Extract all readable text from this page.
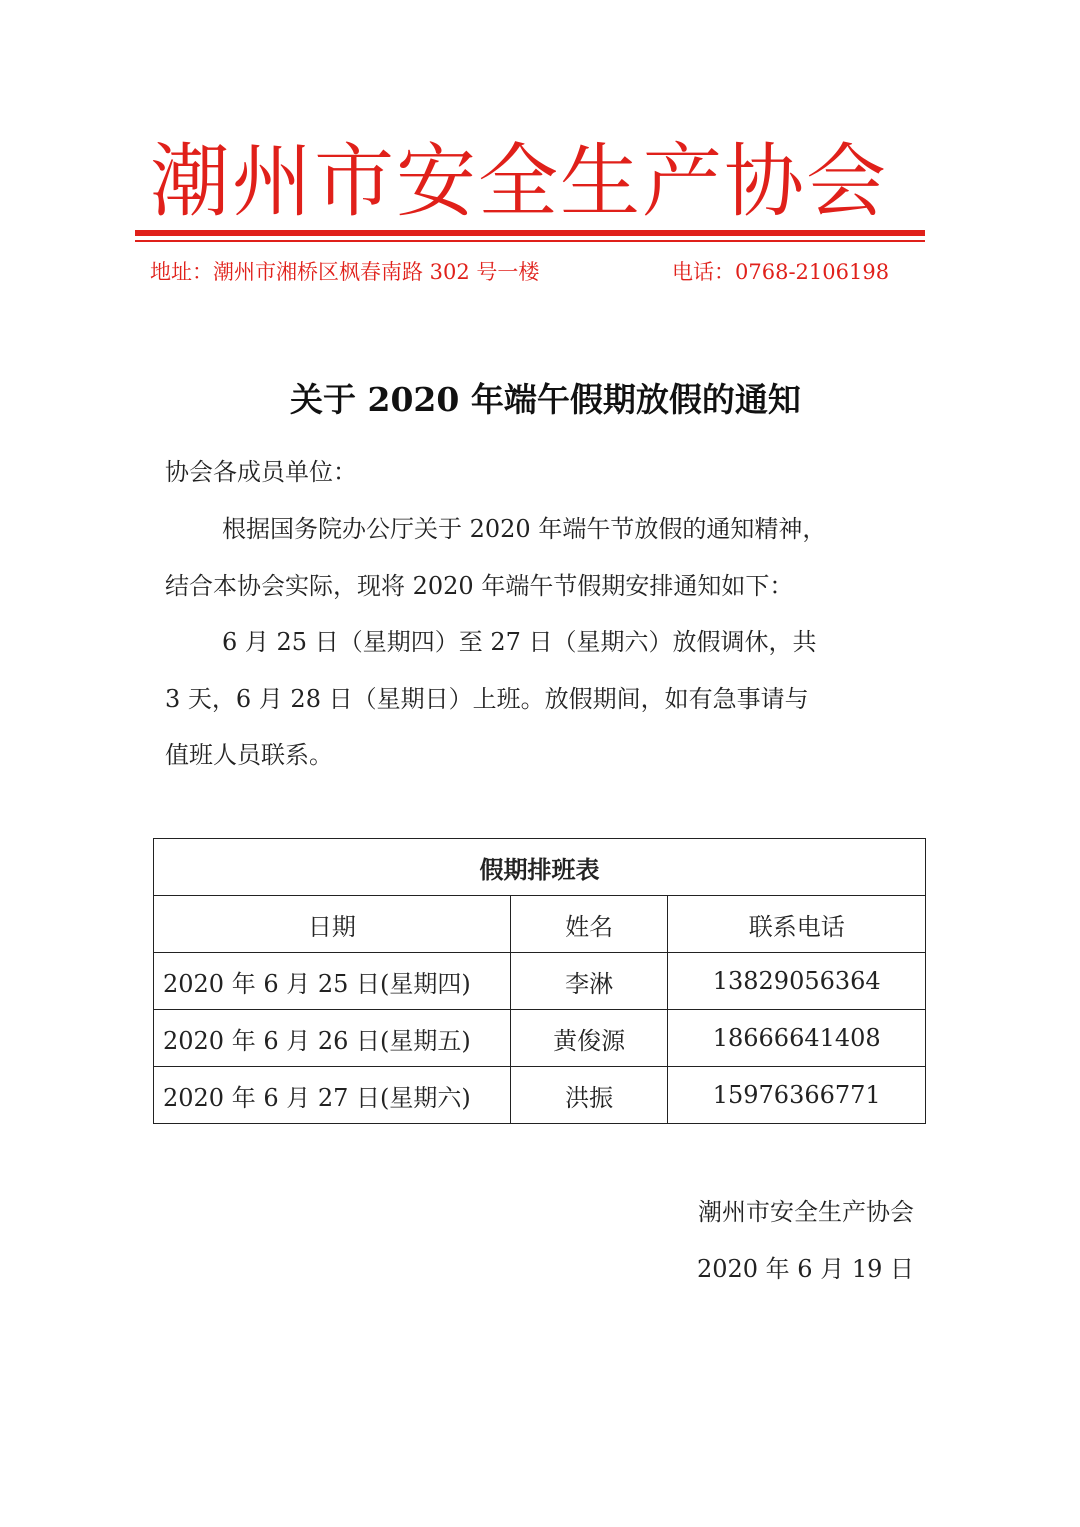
潮州市安全生产协会
地址：潮州市湘桥区枫春南路 302 号一楼	电话：0768-2106198
关于 2020 年端午假期放假的通知
协会各成员单位：
根据国务院办公厅关于 2020 年端午节放假的通知精神，
结合本协会实际，现将 2020 年端午节假期安排通知如下：
6 月 25 日（星期四）至 27 日（星期六）放假调休，共
3 天，6 月 28 日（星期日）上班。放假期间，如有急事请与
值班人员联系。
假期排班表		
日期	姓名	联系电话
2020 年 6 月 25 日(星期四)	李淋	13829056364
2020 年 6 月 26 日(星期五)	黄俊源	18666641408
2020 年 6 月 27 日(星期六)	洪振	15976366771
潮州市安全生产协会
2020 年 6 月 19 日
